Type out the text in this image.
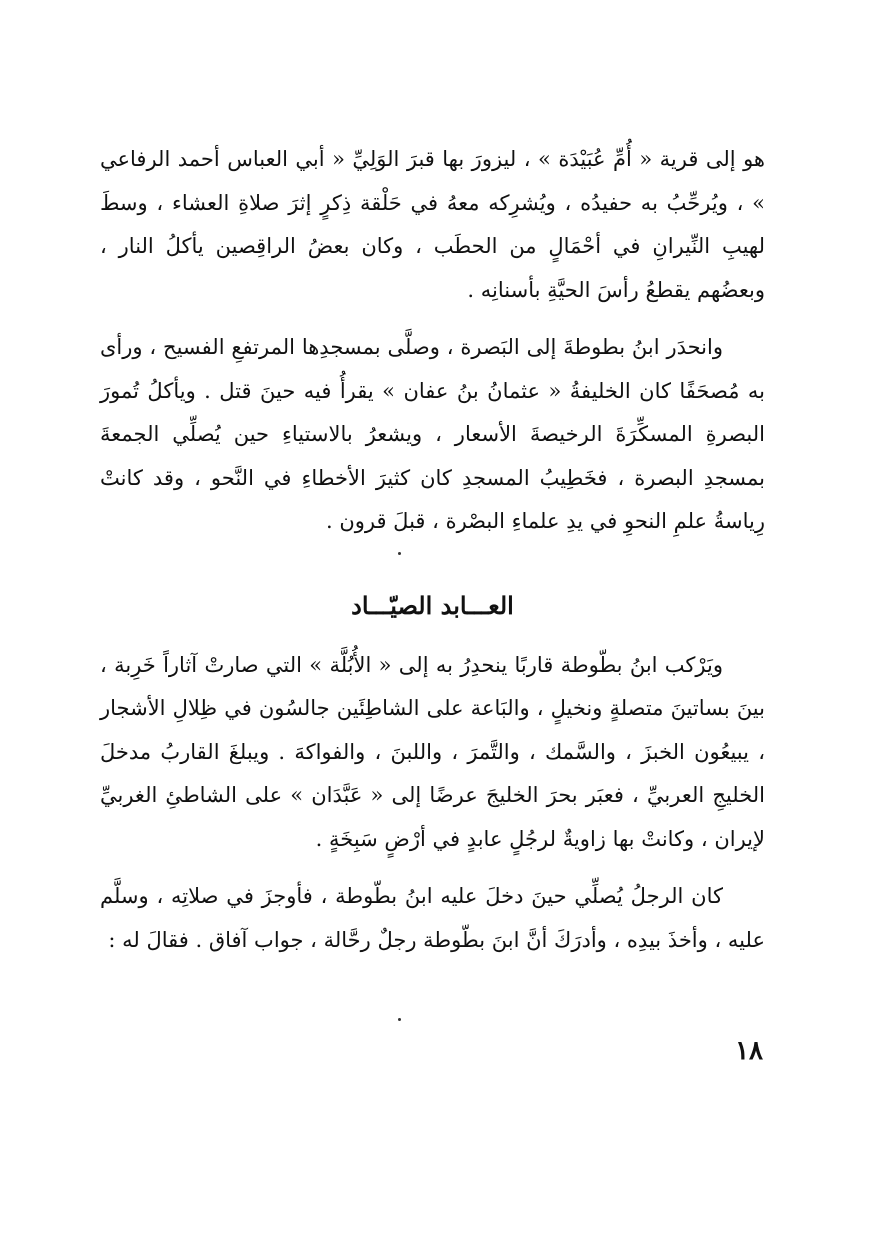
هو إلى قرية « أُمِّ عُبَيْدَة » ، ليزورَ بها قبرَ الوَلِيِّ « أبي العباس أحمد الرفاعي » ، ويُرحِّبُ به حفيدُه ، ويُشرِكه معهُ في حَلْقة ذِكرٍ إثرَ صلاةِ العشاء ، وسطَ لهيبِ النِّيرانِ في أحْمَالٍ من الحطَب ، وكان بعضُ الراقِصين يأكلُ النار ، وبعضُهم يقطعُ رأسَ الحيَّةِ بأسنانِه .

وانحدَر ابنُ بطوطةَ إلى البَصرة ، وصلَّى بمسجدِها المرتفعِ الفسيح ، ورأى به مُصحَفًا كان الخليفةُ « عثمانُ بنُ عفان » يقرأُ فيه حينَ قتل . ويأكلُ تُمورَ البصرةِ المسكِّرَةَ الرخيصةَ الأسعار ، ويشعرُ بالاستياءِ حين يُصلِّي الجمعةَ بمسجدِ البصرة ، فخَطِيبُ المسجدِ كان كثيرَ الأخطاءِ في النَّحو ، وقد كانتْ رِياسةُ علمِ النحوِ في يدِ علماءِ البصْرة ، قبلَ قرون .

العـــابد الصيّـــاد

ويَرْكب ابنُ بطّوطة قاربًا ينحدِرُ به إلى « الأُبُلَّة » التي صارتْ آثاراً خَرِبة ، بينَ بساتينَ متصلةٍ ونخيلٍ ، والبَاعة على الشاطِئَين جالسُون في ظِلالِ الأشجار ، يبيعُون الخبزَ ، والسَّمك ، والتَّمرَ ، واللبنَ ، والفواكهَ . ويبلغَ القاربُ مدخلَ الخليجِ العربيِّ ، فعبَر بحرَ الخليجَ عرضًا إلى « عَبَّدَان » على الشاطئِ الغربيِّ لإيران ، وكانتْ بها زاويةٌ لرجُلٍ عابدٍ في أرْضٍ سَبِخَةٍ .

كان الرجلُ يُصلِّي حينَ دخلَ عليه ابنُ بطّوطة ، فأوجزَ في صلاتِه ، وسلَّم عليه ، وأخذَ بيدِه ، وأدرَكَ أنَّ ابنَ بطّوطة رجلٌ رحَّالة ، جواب آفاق . فقالَ له :

١٨
